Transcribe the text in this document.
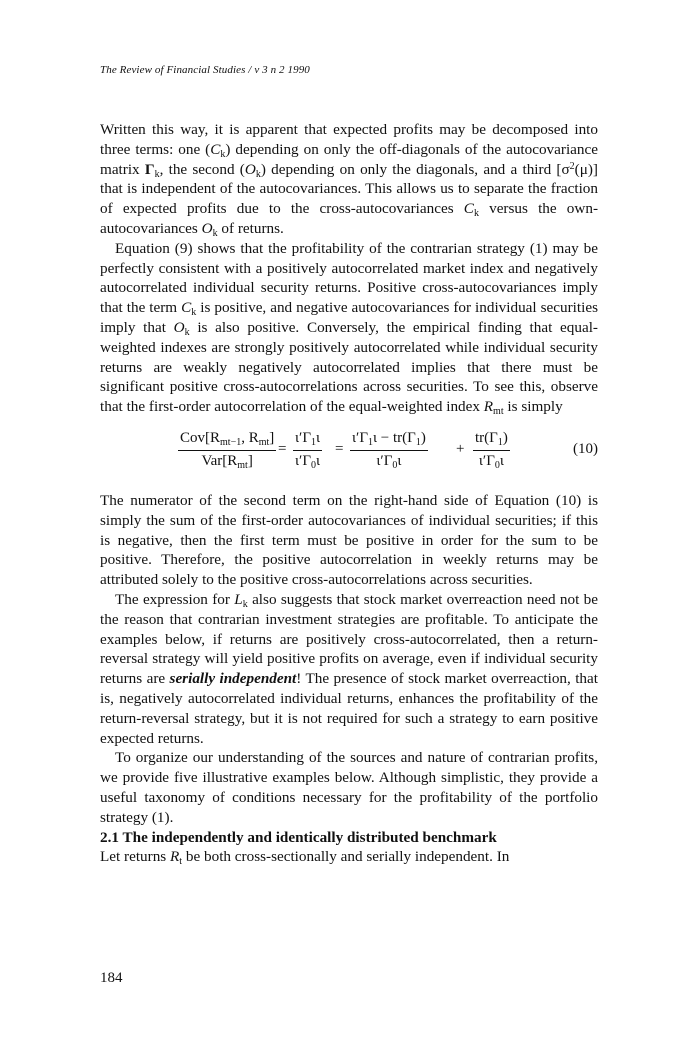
The Review of Financial Studies / v 3 n 2 1990

Written this way, it is apparent that expected profits may be decomposed into three terms: one $(C_k)$ depending on only the off-diagonals of the autocovariance matrix $\Gamma_k$, the second $(O_k)$ depending on only the diagonals, and a third $[\sigma^2(\mu)]$ that is independent of the autocovariances. This allows us to separate the fraction of expected profits due to the cross-autocovariances $C_k$ versus the own-autocovariances $O_k$ of returns.

Equation (9) shows that the profitability of the contrarian strategy (1) may be perfectly consistent with a positively autocorrelated market index and negatively autocorrelated individual security returns. Positive cross-autocovariances imply that the term $C_k$ is positive, and negative autocovariances for individual securities imply that $O_k$ is also positive. Conversely, the empirical finding that equal-weighted indexes are strongly positively autocorrelated while individual security returns are weakly negatively autocorrelated implies that there must be significant positive cross-autocorrelations across securities. To see this, observe that the first-order autocorrelation of the equal-weighted index $R_{mt}$ is simply

$Cov[R_{mt-1}$, $R_{mt}$]
$Var[R_{mt}]$
= $\frac{\iota'\Gamma_1\iota}{\iota'\Gamma_0\iota} = \frac{\iota'\Gamma_1\iota - tr(\Gamma_1)}{\iota'\Gamma_0\iota} + \frac{tr(\Gamma_1)}{\iota'\Gamma_0\iota}$	(10)

The numerator of the second term on the right-hand side of Equation (10) is simply the sum of the first-order autocovariances of individual securities; if this is negative, then the first term must be positive in order for the sum to be positive. Therefore, the positive autocorrelation in weekly returns may be attributed solely to the positive cross-autocorrelations across securities.

The expression for $L_k$ also suggests that stock market overreaction need not be the reason that contrarian investment strategies are profitable. To anticipate the examples below, if returns are positively cross-autocorrelated, then a return-reversal strategy will yield positive profits on average, even if individual security returns are serially independent! The presence of stock market overreaction, that is, negatively autocorrelated individual returns, enhances the profitability of the return-reversal strategy, but it is not required for such a strategy to earn positive expected returns.

To organize our understanding of the sources and nature of contrarian profits, we provide five illustrative examples below. Although simplistic, they provide a useful taxonomy of conditions necessary for the profitability of the portfolio strategy (1).

2.1 The independently and identically distributed benchmark

Let returns $R_t$ be both cross-sectionally and serially independent. In

184
